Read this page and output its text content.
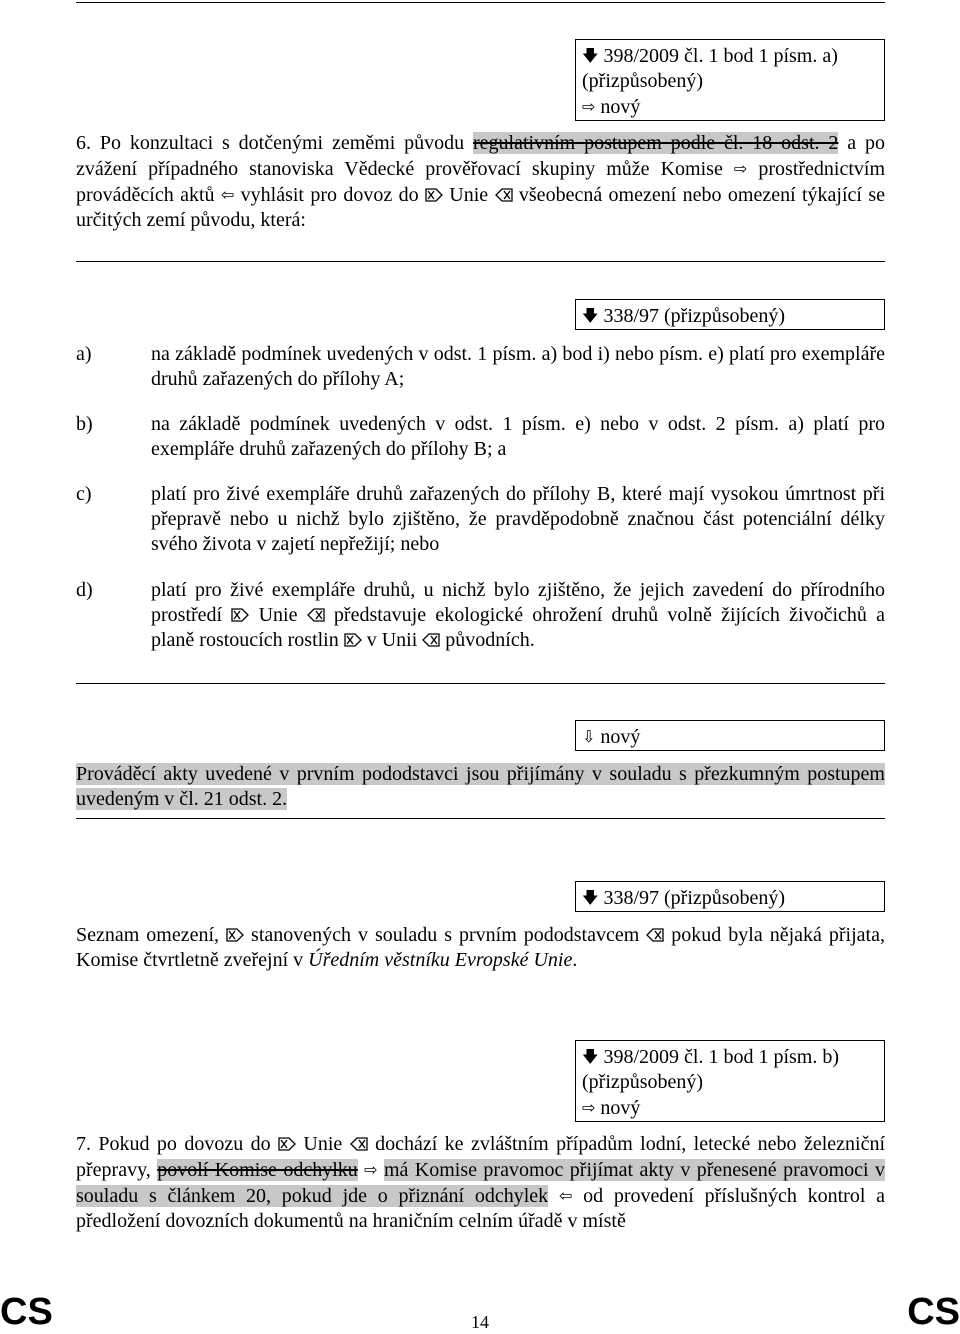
🡇 398/2009 čl. 1 bod 1 písm. a)
(přizpůsobený)
⇨ nový
6. Po konzultaci s dotčenými zeměmi původu regulativním postupem podle čl. 18 odst. 2 a po zvážení případného stanoviska Vědecké prověřovací skupiny může Komise ⇨ prostřednictvím prováděcích aktů ⇦ vyhlásit pro dovoz do  Unie  všeobecná omezení nebo omezení týkající se určitých zemí původu, která:
🡇 338/97 (přizpůsobený)
a)	na základě podmínek uvedených v odst. 1 písm. a) bod i) nebo písm. e) platí pro exempláře druhů zařazených do přílohy A;
b)	na základě podmínek uvedených v odst. 1 písm. e) nebo v odst. 2 písm. a) platí pro exempláře druhů zařazených do přílohy B; a
c)	platí pro živé exempláře druhů zařazených do přílohy B, které mají vysokou úmrtnost při přepravě nebo u nichž bylo zjištěno, že pravděpodobně značnou část potenciální délky svého života v zajetí nepřežijí; nebo
d)	platí pro živé exempláře druhů, u nichž bylo zjištěno, že jejich zavedení do přírodního prostředí  Unie  představuje ekologické ohrožení druhů volně žijících živočichů a planě rostoucích rostlin  v Unii  původních.
⇩ nový
Prováděcí akty uvedené v prvním pododstavci jsou přijímány v souladu s přezkumným postupem uvedeným v čl. 21 odst. 2.
🡇 338/97 (přizpůsobený)
Seznam omezení,  stanovených v souladu s prvním pododstavcem  pokud byla nějaká přijata, Komise čtvrtletně zveřejní v Úředním věstníku Evropské Unie.
🡇 398/2009 čl. 1 bod 1 písm. b)
(přizpůsobený)
⇨ nový
7. Pokud po dovozu do  Unie  dochází ke zvláštním případům lodní, letecké nebo železniční přepravy, povolí Komise odchylku ⇨ má Komise pravomoc přijímat akty v přenesené pravomoci v souladu s článkem 20, pokud jde o přiznání odchylek ⇦ od provedení příslušných kontrol a předložení dovozních dokumentů na hraničním celním úřadě v místě
CS	14	CS
